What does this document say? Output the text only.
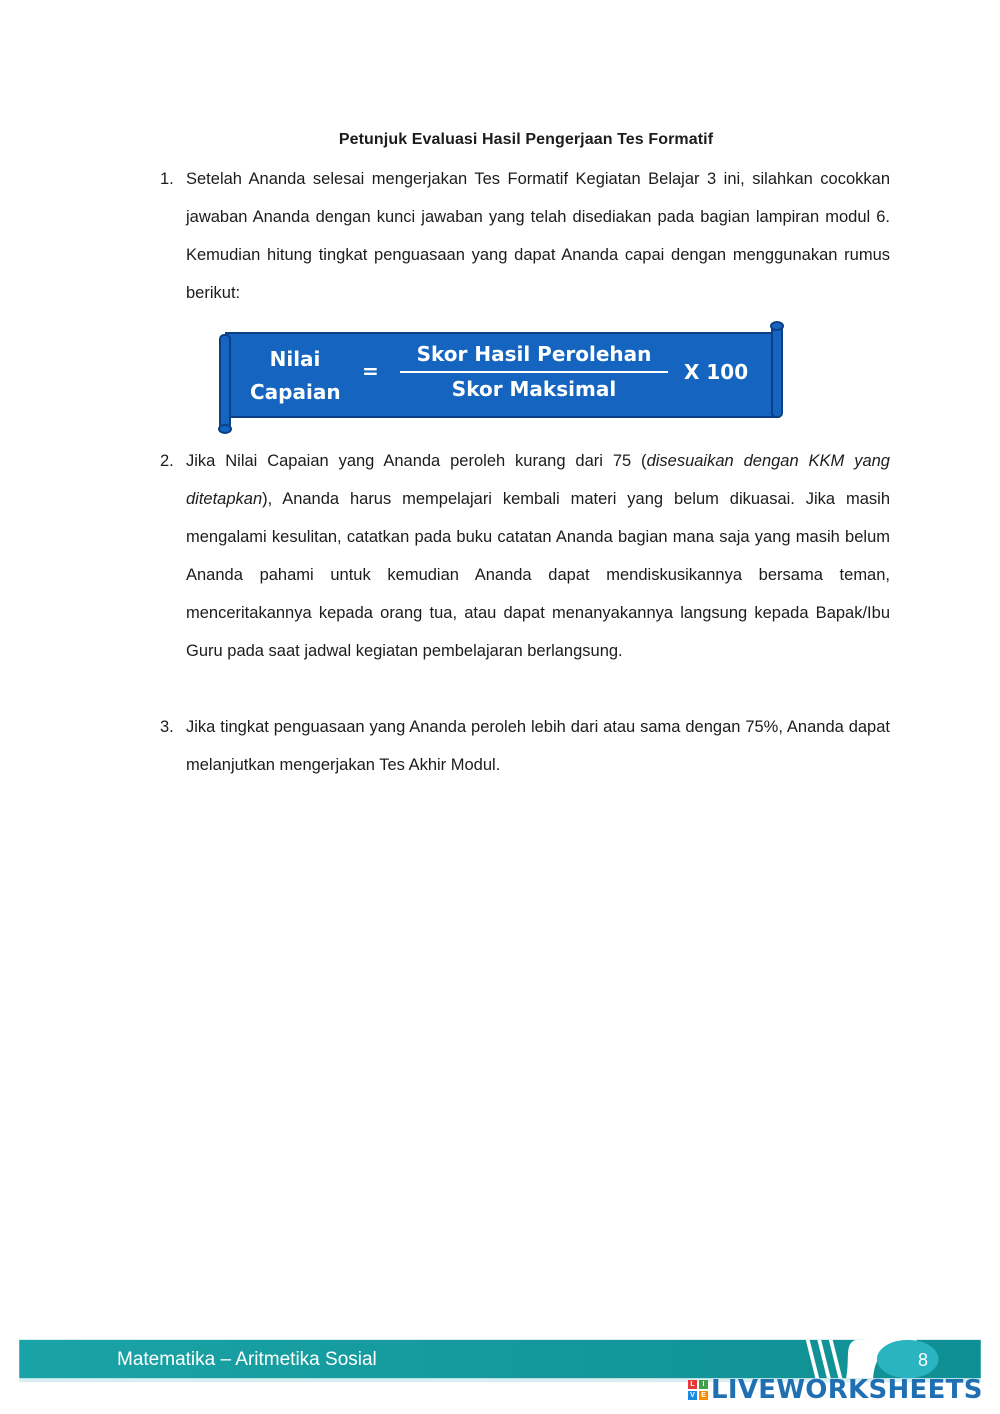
Petunjuk Evaluasi Hasil Pengerjaan Tes Formatif
1. Setelah Ananda selesai mengerjakan Tes Formatif Kegiatan Belajar 3 ini, silahkan cocokkan jawaban Ananda dengan kunci jawaban yang telah disediakan pada bagian lampiran modul 6. Kemudian hitung tingkat penguasaan yang dapat Ananda capai dengan menggunakan rumus berikut:
Nilai
Capaian
=
Skor Hasil Perolehan
Skor Maksimal
X 100
2. Jika Nilai Capaian yang Ananda peroleh kurang dari 75 (disesuaikan dengan KKM yang ditetapkan), Ananda harus mempelajari kembali materi yang belum dikuasai. Jika masih mengalami kesulitan, catatkan pada buku catatan Ananda bagian mana saja yang masih belum Ananda pahami untuk kemudian Ananda dapat mendiskusikannya bersama teman, menceritakannya kepada orang tua, atau dapat menanyakannya langsung kepada Bapak/Ibu Guru pada saat jadwal kegiatan pembelajaran berlangsung.
3. Jika tingkat penguasaan yang Ananda peroleh lebih dari atau sama dengan 75%, Ananda dapat melanjutkan mengerjakan Tes Akhir Modul.
Matematika – Aritmetika Sosial	8
L	I
V E LIVEWORKSHEETS
